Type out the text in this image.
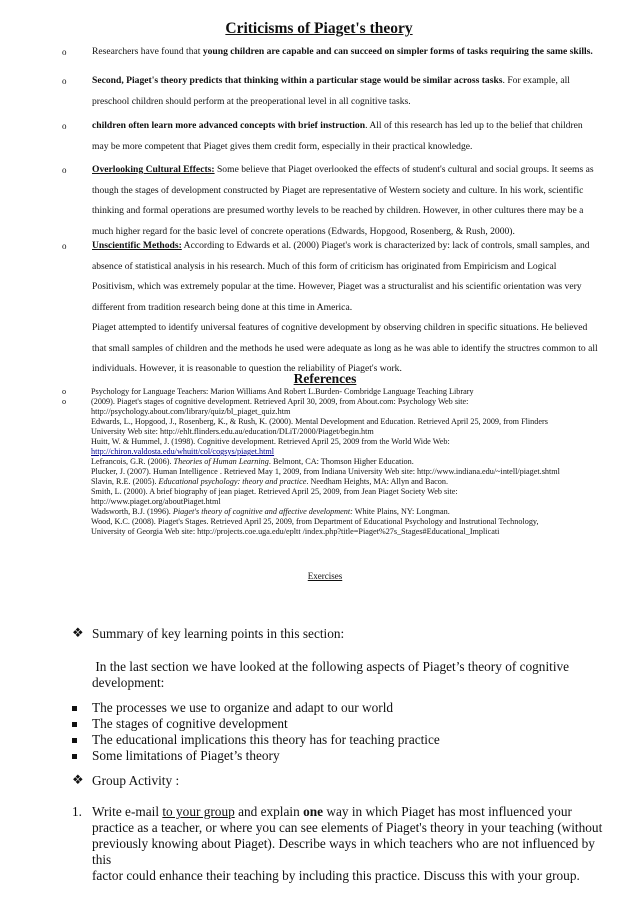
Criticisms of Piaget's theory
o	Researchers have found that young children are capable and can succeed on simpler forms of tasks requiring the same skills.
o	Second, Piaget's theory predicts that thinking within a particular stage would be similar across tasks. For example, all
preschool children should perform at the preoperational level in all cognitive tasks.
o	children often learn more advanced concepts with brief instruction. All of this research has led up to the belief that children
may be more competent that Piaget gives them credit form, especially in their practical knowledge.
o	Overlooking Cultural Effects: Some believe that Piaget overlooked the effects of student's cultural and social groups. It seems as
though the stages of development constructed by Piaget are representative of Western society and culture. In his work, scientific
thinking and formal operations are presumed worthy levels to be reached by children. However, in other cultures there may be a
much higher regard for the basic level of concrete operations (Edwards, Hopgood, Rosenberg, & Rush, 2000).
o	Unscientific Methods: According to Edwards et al. (2000) Piaget's work is characterized by: lack of controls, small samples, and
absence of statistical analysis in his research. Much of this form of criticism has originated from Empiricism and Logical
Positivism, which was extremely popular at the time. However, Piaget was a structuralist and his scientific orientation was very
different from tradition research being done at this time in America.
Piaget attempted to identify universal features of cognitive development by observing children in specific situations. He believed
that small samples of children and the methods he used were adequate as long as he was able to identify the structres common to all
individuals. However, it is reasonable to question the reliability of Piaget's work.
References
o	Psychology for Language Teachers: Marion Williams And Robert L.Burden- Combridge Language Teaching Library
o	(2009). Piaget's stages of cognitive development. Retrieved April 30, 2009, from About.com: Psychology Web site:
http://psychology.about.com/library/quiz/bl_piaget_quiz.htm
Edwards, L., Hopgood, J., Rosenberg, K., & Rush, K. (2000). Mental Development and Education. Retrieved April 25, 2009, from Flinders
University Web site: http://ehlt.flinders.edu.au/education/DLiT/2000/Piaget/begin.htm
Huitt, W. & Hummel, J. (1998). Cognitive development. Retrieved April 25, 2009 from the World Wide Web:
http://chiron.valdosta.edu/whuitt/col/cogsys/piaget.html
Lefrancois, G.R. (2006). Theories of Human Learning. Belmont, CA: Thomson Higher Education.
Plucker, J. (2007). Human Intelligence . Retrieved May 1, 2009, from Indiana University Web site: http://www.indiana.edu/~intell/piaget.shtml
Slavin, R.E. (2005). Educational psychology: theory and practice. Needham Heights, MA: Allyn and Bacon.
Smith, L. (2000). A brief biography of jean piaget. Retrieved April 25, 2009, from Jean Piaget Society Web site:
http://www.piaget.org/aboutPiaget.html
Wadsworth, B.J. (1996). Piaget's theory of cognitive and affective development: White Plains, NY: Longman.
Wood, K.C. (2008). Piaget's Stages. Retrieved April 25, 2009, from Department of Educational Psychology and Instrutional Technology,
University of Georgia Web site: http://projects.coe.uga.edu/epltt /index.php?title=Piaget%27s_Stages#Educational_Implicati
Exercises
❖ Summary of key learning points in this section:
In the last section we have looked at the following aspects of Piaget’s theory of cognitive
development:
The processes we use to organize and adapt to our world
The stages of cognitive development
The educational implications this theory has for teaching practice
Some limitations of Piaget’s theory
❖ Group Activity :
1. Write e-mail to your group and explain one way in which Piaget has most influenced your
practice as a teacher, or where you can see elements of Piaget's theory in your teaching (without
previously knowing about Piaget). Describe ways in which teachers who are not influenced by this
factor could enhance their teaching by including this practice. Discuss this with your group.
